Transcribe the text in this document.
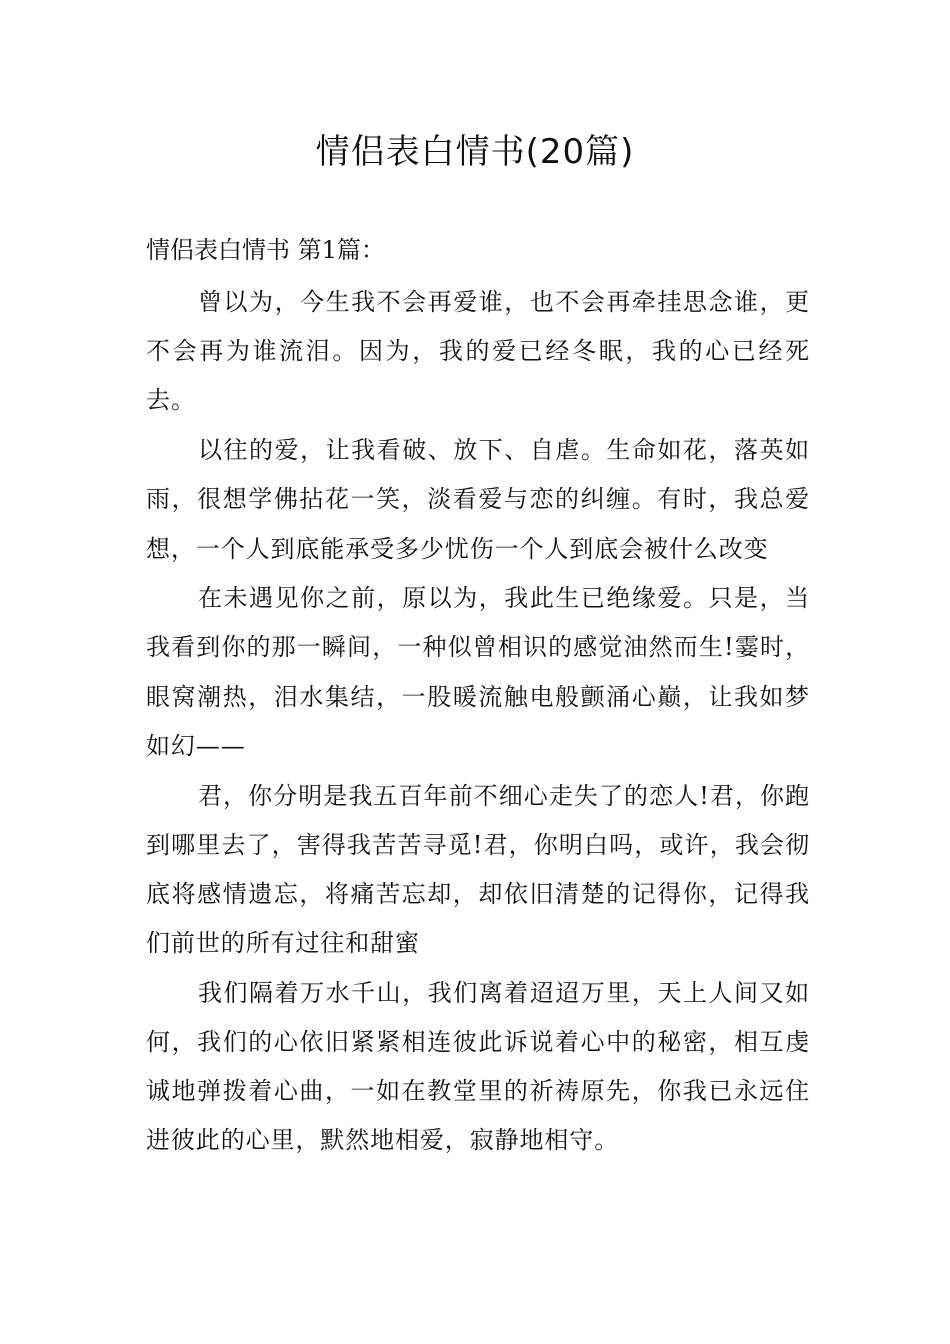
情侣表白情书(20篇)

情侣表白情书 第1篇：

曾以为，今生我不会再爱谁，也不会再牵挂思念谁，更不会再为谁流泪。因为，我的爱已经冬眠，我的心已经死去。

以往的爱，让我看破、放下、自虐。生命如花，落英如雨，很想学佛拈花一笑，淡看爱与恋的纠缠。有时，我总爱想，一个人到底能承受多少忧伤一个人到底会被什么改变

在未遇见你之前，原以为，我此生已绝缘爱。只是，当我看到你的那一瞬间，一种似曾相识的感觉油然而生!霎时，眼窝潮热，泪水集结，一股暖流触电般颤涌心巅，让我如梦如幻——

君，你分明是我五百年前不细心走失了的恋人!君，你跑到哪里去了，害得我苦苦寻觅!君，你明白吗，或许，我会彻底将感情遗忘，将痛苦忘却，却依旧清楚的记得你，记得我们前世的所有过往和甜蜜

我们隔着万水千山，我们离着迢迢万里，天上人间又如何，我们的心依旧紧紧相连彼此诉说着心中的秘密，相互虔诚地弹拨着心曲，一如在教堂里的祈祷原先，你我已永远住进彼此的心里，默然地相爱，寂静地相守。
